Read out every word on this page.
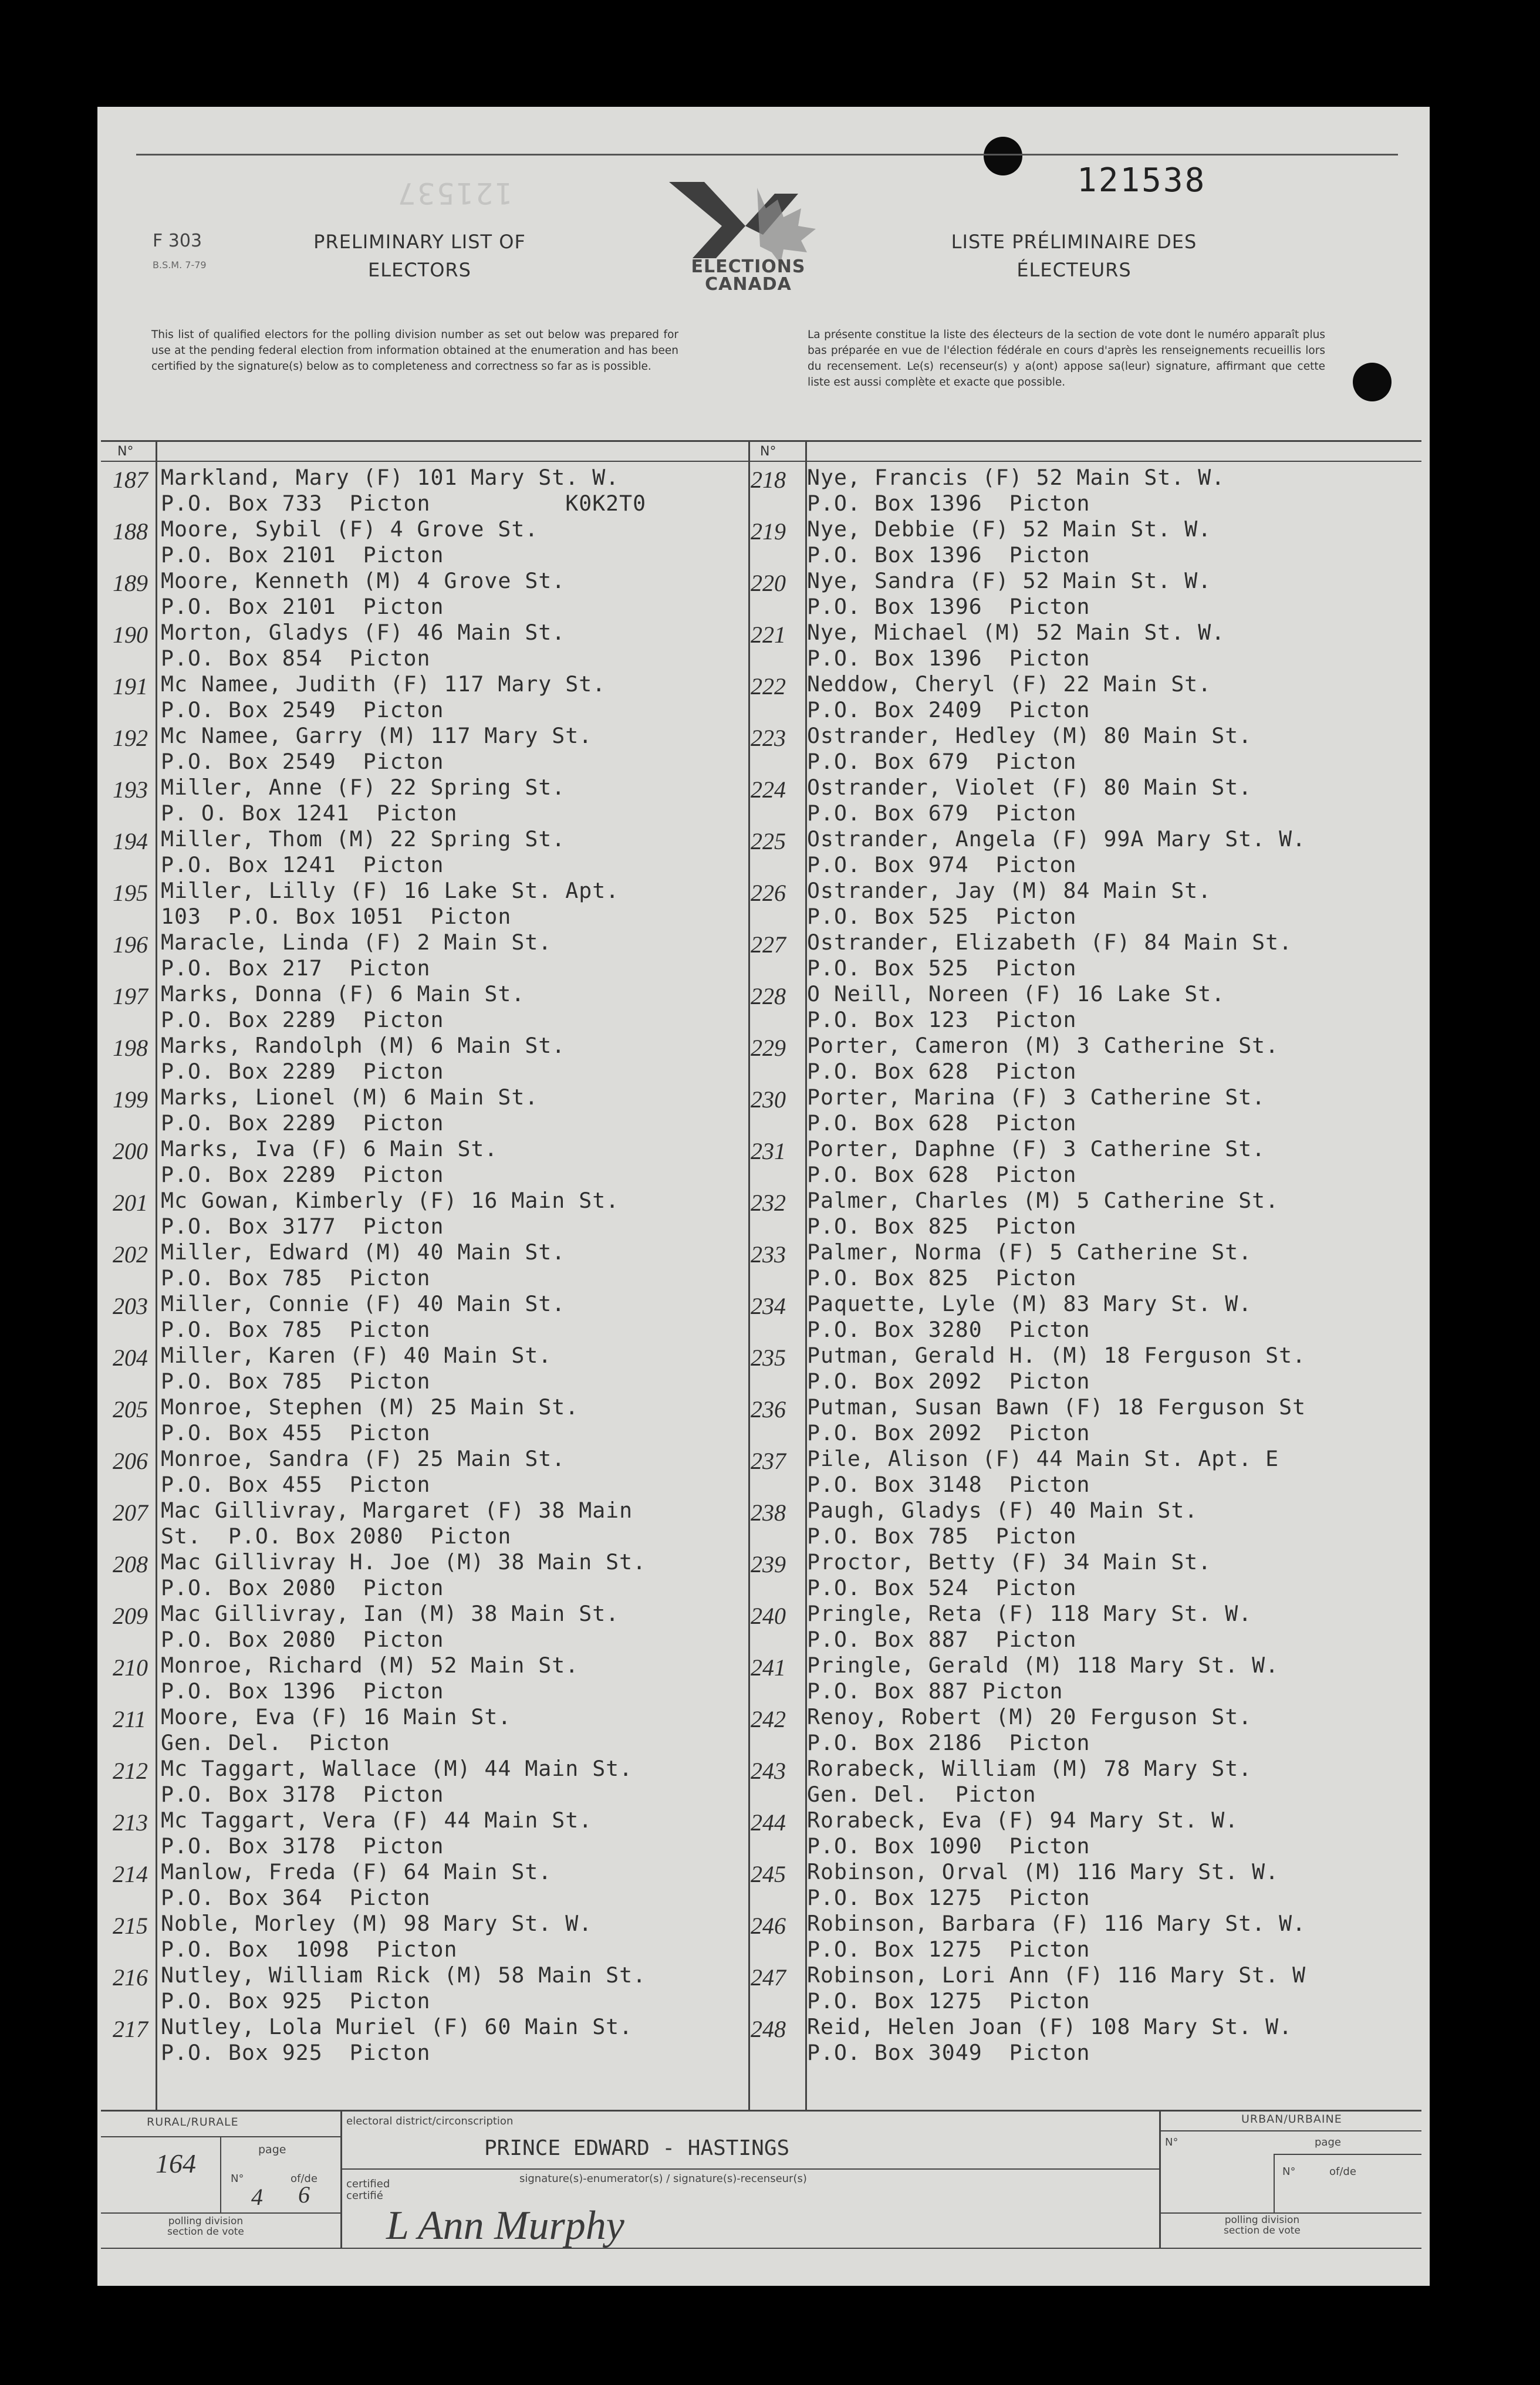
121537	121538
F 303
B.S.M. 7-79
PRELIMINARY LIST OF
ELECTORS
LISTE PRÉLIMINAIRE DES
ÉLECTEURS
ELECTIONS
CANADA
This list of qualified electors for the polling division number as set out below was prepared for use at the pending federal election from information obtained at the enumeration and has been certified by the signature(s) below as to completeness and correctness so far as is possible.
La présente constitue la liste des électeurs de la section de vote dont le numéro apparaît plus bas préparée en vue de l'élection fédérale en cours d'après les renseignements recueillis lors du recensement. Le(s) recenseur(s) y a(ont) appose sa(leur) signature, affirmant que cette liste est aussi complète et exacte que possible.
N°	N°
187 Markland, Mary (F) 101 Mary St. W.
P.O. Box 733  Picton          K0K2T0
188 Moore, Sybil (F) 4 Grove St.
P.O. Box 2101  Picton
189 Moore, Kenneth (M) 4 Grove St.
P.O. Box 2101  Picton
190 Morton, Gladys (F) 46 Main St.
P.O. Box 854  Picton
191 Mc Namee, Judith (F) 117 Mary St.
P.O. Box 2549  Picton
192 Mc Namee, Garry (M) 117 Mary St.
P.O. Box 2549  Picton
193 Miller, Anne (F) 22 Spring St.
P. O. Box 1241  Picton
194 Miller, Thom (M) 22 Spring St.
P.O. Box 1241  Picton
195 Miller, Lilly (F) 16 Lake St. Apt.
103  P.O. Box 1051  Picton
196 Maracle, Linda (F) 2 Main St.
P.O. Box 217  Picton
197 Marks, Donna (F) 6 Main St.
P.O. Box 2289  Picton
198 Marks, Randolph (M) 6 Main St.
P.O. Box 2289  Picton
199 Marks, Lionel (M) 6 Main St.
P.O. Box 2289  Picton
200 Marks, Iva (F) 6 Main St.
P.O. Box 2289  Picton
201 Mc Gowan, Kimberly (F) 16 Main St.
P.O. Box 3177  Picton
202 Miller, Edward (M) 40 Main St.
P.O. Box 785  Picton
203 Miller, Connie (F) 40 Main St.
P.O. Box 785  Picton
204 Miller, Karen (F) 40 Main St.
P.O. Box 785  Picton
205 Monroe, Stephen (M) 25 Main St.
P.O. Box 455  Picton
206 Monroe, Sandra (F) 25 Main St.
P.O. Box 455  Picton
207 Mac Gillivray, Margaret (F) 38 Main
St.  P.O. Box 2080  Picton
208 Mac Gillivray H. Joe (M) 38 Main St.
P.O. Box 2080  Picton
209 Mac Gillivray, Ian (M) 38 Main St.
P.O. Box 2080  Picton
210 Monroe, Richard (M) 52 Main St.
P.O. Box 1396  Picton
211 Moore, Eva (F) 16 Main St.
Gen. Del.  Picton
212 Mc Taggart, Wallace (M) 44 Main St.
P.O. Box 3178  Picton
213 Mc Taggart, Vera (F) 44 Main St.
P.O. Box 3178  Picton
214 Manlow, Freda (F) 64 Main St.
P.O. Box 364  Picton
215 Noble, Morley (M) 98 Mary St. W.
P.O. Box  1098  Picton
216 Nutley, William Rick (M) 58 Main St.
P.O. Box 925  Picton
217 Nutley, Lola Muriel (F) 60 Main St.
P.O. Box 925  Picton
218 Nye, Francis (F) 52 Main St. W.
P.O. Box 1396  Picton
219 Nye, Debbie (F) 52 Main St. W.
P.O. Box 1396  Picton
220 Nye, Sandra (F) 52 Main St. W.
P.O. Box 1396  Picton
221 Nye, Michael (M) 52 Main St. W.
P.O. Box 1396  Picton
222 Neddow, Cheryl (F) 22 Main St.
P.O. Box 2409  Picton
223 Ostrander, Hedley (M) 80 Main St.
P.O. Box 679  Picton
224 Ostrander, Violet (F) 80 Main St.
P.O. Box 679  Picton
225 Ostrander, Angela (F) 99A Mary St. W.
P.O. Box 974  Picton
226 Ostrander, Jay (M) 84 Main St.
P.O. Box 525  Picton
227 Ostrander, Elizabeth (F) 84 Main St.
P.O. Box 525  Picton
228 O Neill, Noreen (F) 16 Lake St.
P.O. Box 123  Picton
229 Porter, Cameron (M) 3 Catherine St.
P.O. Box 628  Picton
230 Porter, Marina (F) 3 Catherine St.
P.O. Box 628  Picton
231 Porter, Daphne (F) 3 Catherine St.
P.O. Box 628  Picton
232 Palmer, Charles (M) 5 Catherine St.
P.O. Box 825  Picton
233 Palmer, Norma (F) 5 Catherine St.
P.O. Box 825  Picton
234 Paquette, Lyle (M) 83 Mary St. W.
P.O. Box 3280  Picton
235 Putman, Gerald H. (M) 18 Ferguson St.
P.O. Box 2092  Picton
236 Putman, Susan Bawn (F) 18 Ferguson St
P.O. Box 2092  Picton
237 Pile, Alison (F) 44 Main St. Apt. E
P.O. Box 3148  Picton
238 Paugh, Gladys (F) 40 Main St.
P.O. Box 785  Picton
239 Proctor, Betty (F) 34 Main St.
P.O. Box 524  Picton
240 Pringle, Reta (F) 118 Mary St. W.
P.O. Box 887  Picton
241 Pringle, Gerald (M) 118 Mary St. W.
P.O. Box 887 Picton
242 Renoy, Robert (M) 20 Ferguson St.
P.O. Box 2186  Picton
243 Rorabeck, William (M) 78 Mary St.
Gen. Del.  Picton
244 Rorabeck, Eva (F) 94 Mary St. W.
P.O. Box 1090  Picton
245 Robinson, Orval (M) 116 Mary St. W.
P.O. Box 1275  Picton
246 Robinson, Barbara (F) 116 Mary St. W.
P.O. Box 1275  Picton
247 Robinson, Lori Ann (F) 116 Mary St. W
P.O. Box 1275  Picton
248 Reid, Helen Joan (F) 108 Mary St. W.
P.O. Box 3049  Picton
RURAL/RURALE	URBAN/URBAINE
electoral district/circonscription
PRINCE EDWARD - HASTINGS
page
N°	of/de
164
4 6
polling division
section de vote
certified
certifié
signature(s)-enumerator(s) / signature(s)-recenseur(s)
L Ann Murphy
N°	page
N°	of/de
polling division
section de vote
